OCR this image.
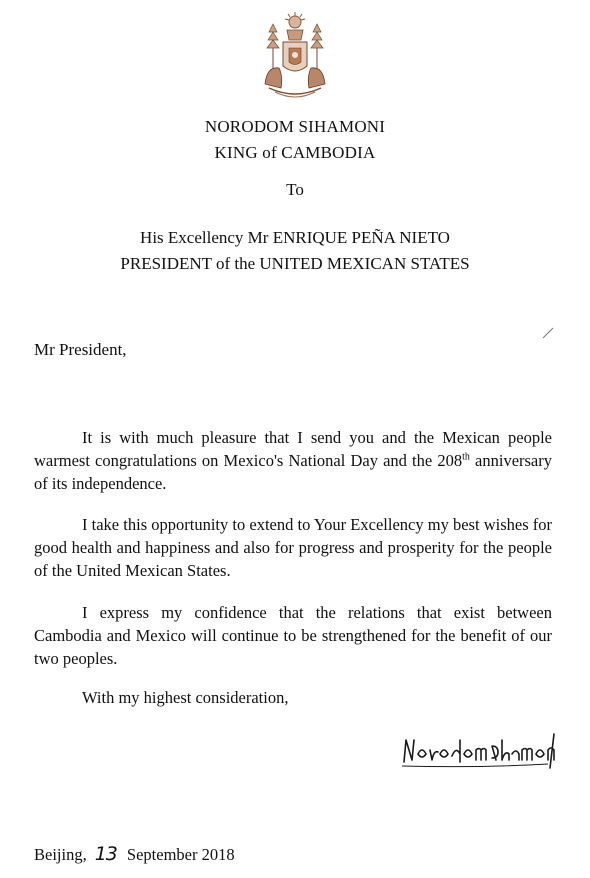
NORODOM SIHAMONI
KING of CAMBODIA
To
His Excellency Mr ENRIQUE PEÑA NIETO
PRESIDENT of the UNITED MEXICAN STATES
Mr President,
It is with much pleasure that I send you and the Mexican people warmest congratulations on Mexico's National Day and the 208th anniversary of its independence.
I take this opportunity to extend to Your Excellency my best wishes for good health and happiness and also for progress and prosperity for the people of the United Mexican States.
I express my confidence that the relations that exist between Cambodia and Mexico will continue to be strengthened for the benefit of our two peoples.
With my highest consideration,
Beijing, 13 September 2018
